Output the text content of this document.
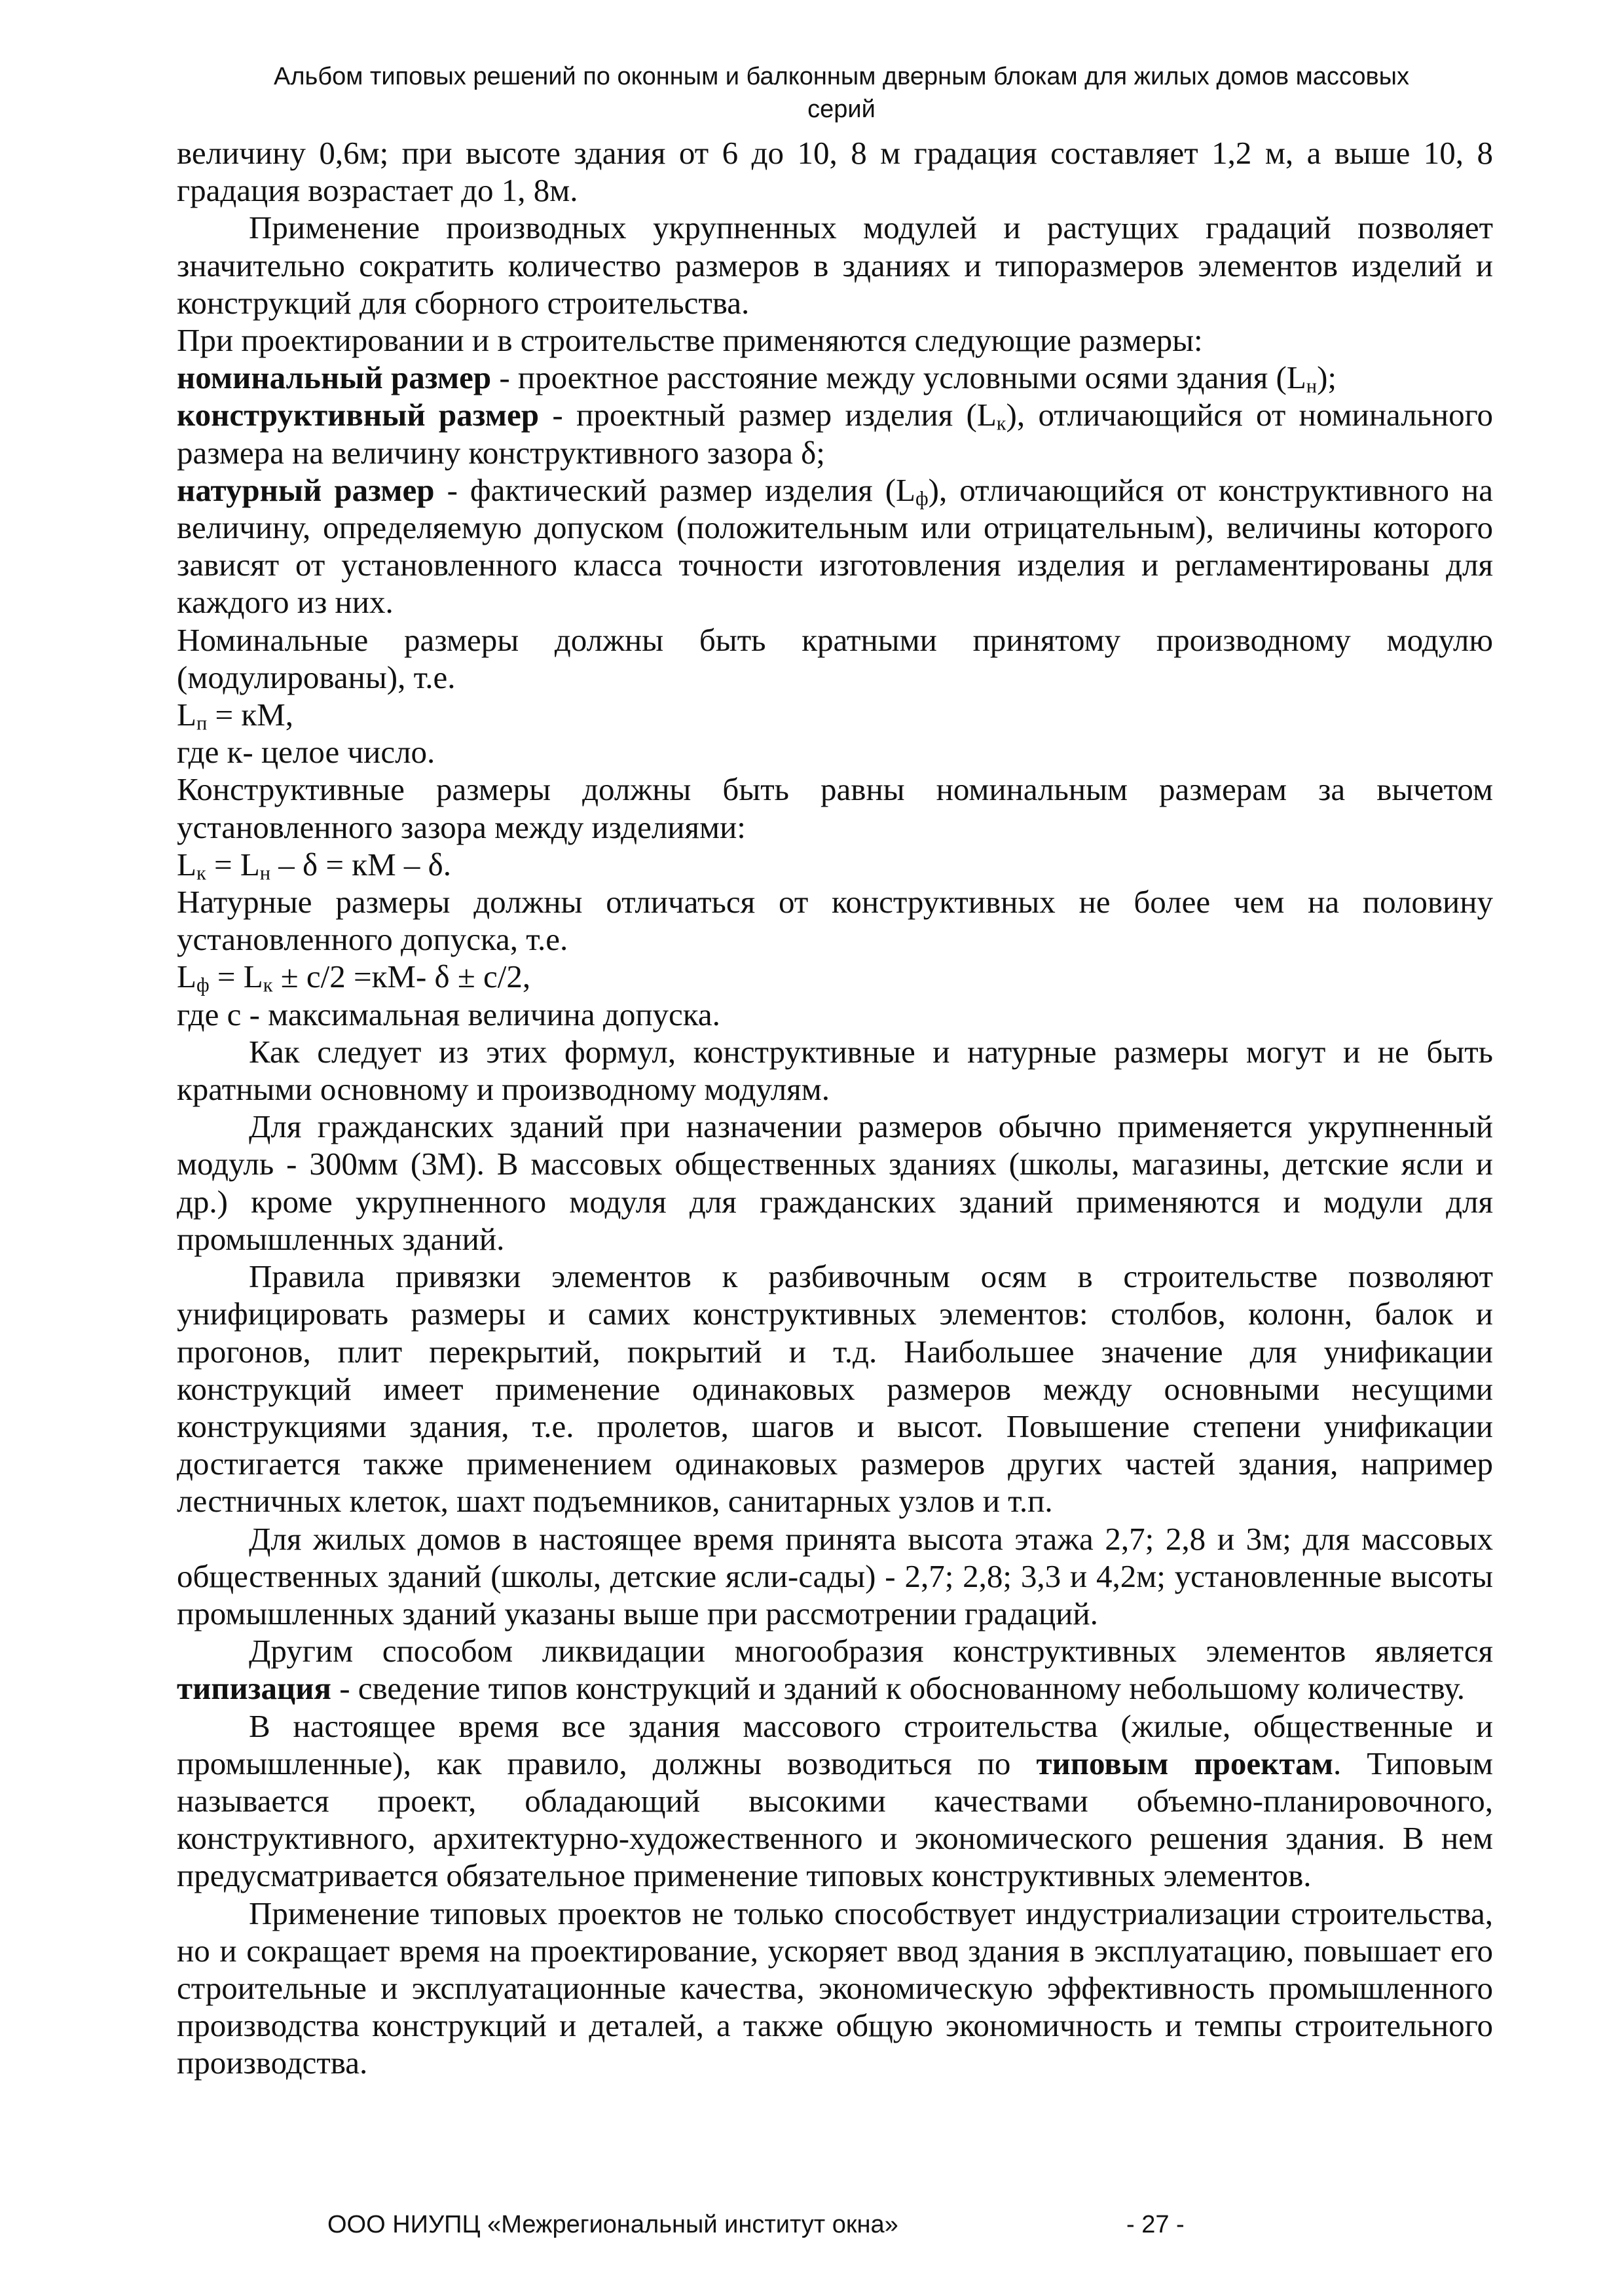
Альбом типовых решений по оконным и балконным дверным блокам для жилых домов массовых
серий

величину 0,6м; при высоте здания от 6 до 10, 8 м градация составляет 1,2 м, а выше 10, 8 градация возрастает до 1, 8м.

Применение производных укрупненных модулей и растущих градаций позволяет значительно сократить количество размеров в зданиях и типоразмеров элементов изделий и конструкций для сборного строительства.

При проектировании и в строительстве применяются следующие размеры:

номинальный размер - проектное расстояние между условными осями здания $(L_н)$;

конструктивный размер - проектный размер изделия $(L_к)$, отличающийся от номинального размера на величину конструктивного зазора δ;

натурный размер - фактический размер изделия $(L_ф)$, отличающийся от конструктивного на величину, определяемую допуском (положительным или отрицательным), величины которого зависят от установленного класса точности изготовления изделия и регламентированы для каждого из них.

Номинальные размеры должны быть кратными принятому производному модулю (модулированы), т.е.

$L_п$ = кМ,

где к- целое число.

Конструктивные размеры должны быть равны номинальным размерам за вычетом установленного зазора между изделиями:

$L_к = L_н - \delta$ = кМ – δ.

Натурные размеры должны отличаться от конструктивных не более чем на половину установленного допуска, т.е.

$L_ф = L_к \pm с/2 =кМ-$ δ ± с/2,

где с - максимальная величина допуска.

Как следует из этих формул, конструктивные и натурные размеры могут и не быть кратными основному и производному модулям.

Для гражданских зданий при назначении размеров обычно применяется укрупненный модуль - 300мм (3М). В массовых общественных зданиях (школы, магазины, детские ясли и др.) кроме укрупненного модуля для гражданских зданий применяются и модули для промышленных зданий.

Правила привязки элементов к разбивочным осям в строительстве позволяют унифицировать размеры и самих конструктивных элементов: столбов, колонн, балок и прогонов, плит перекрытий, покрытий и т.д. Наибольшее значение для унификации конструкций имеет применение одинаковых размеров между основными несущими конструкциями здания, т.е. пролетов, шагов и высот. Повышение степени унификации достигается также применением одинаковых размеров других частей здания, например лестничных клеток, шахт подъемников, санитарных узлов и т.п.

Для жилых домов в настоящее время принята высота этажа 2,7; 2,8 и 3м; для массовых общественных зданий (школы, детские ясли-сады) - 2,7; 2,8; 3,3 и 4,2м; установленные высоты промышленных зданий указаны выше при рассмотрении градаций.

Другим способом ликвидации многообразия конструктивных элементов является типизация - сведение типов конструкций и зданий к обоснованному небольшому количеству.

В настоящее время все здания массового строительства (жилые, общественные и промышленные), как правило, должны возводиться по типовым проектам. Типовым называется проект, обладающий высокими качествами объемно-планировочного, конструктивного, архитектурно-художественного и экономического решения здания. В нем предусматривается обязательное применение типовых конструктивных элементов.

Применение типовых проектов не только способствует индустриализации строительства, но и сокращает время на проектирование, ускоряет ввод здания в эксплуатацию, повышает его строительные и эксплуатационные качества, экономическую эффективность промышленного производства конструкций и деталей, а также общую экономичность и темпы строительного производства.

ООО НИУПЦ «Межрегиональный институт окна»	- 27 -
